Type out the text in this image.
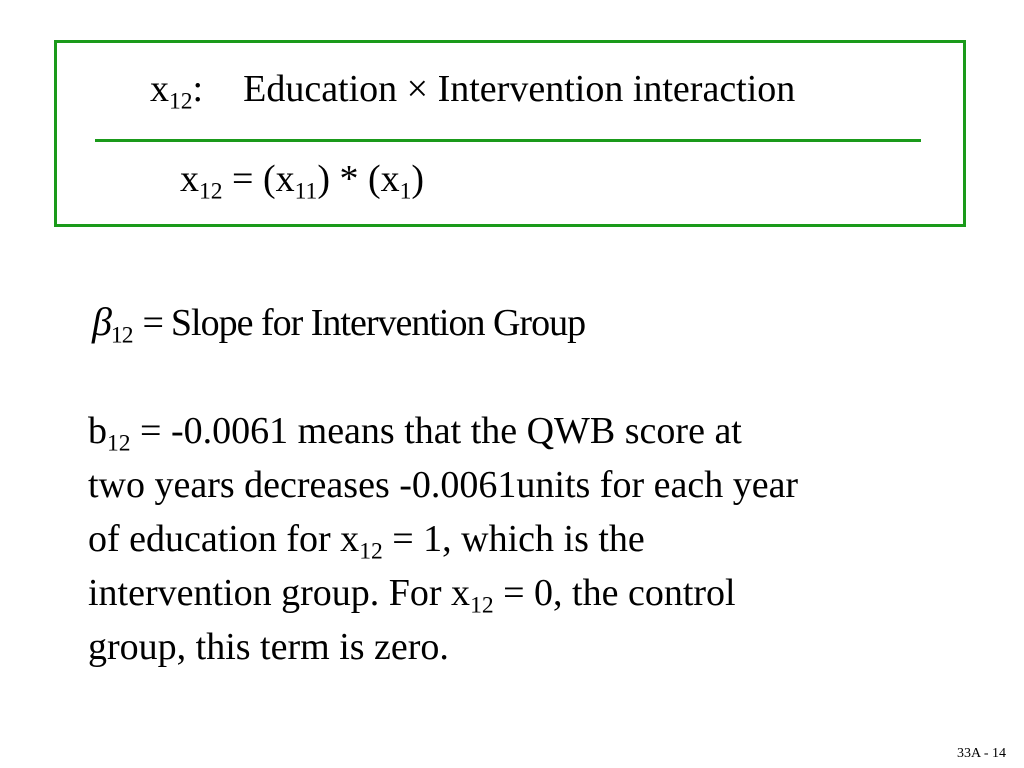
$x_{12}$: Education × Intervention interaction
$x_{12} = (x_{11}) * (x_1)$
$\beta_{12}$ = Slope for Intervention Group
$b_{12} = -0.0061$ means that the QWB score at
two years decreases -0.0061units for each year
of education for $x_{12} = 1$, which is the
intervention group. For $x_{12} = 0$, the control
group, this term is zero.
33A - 14
